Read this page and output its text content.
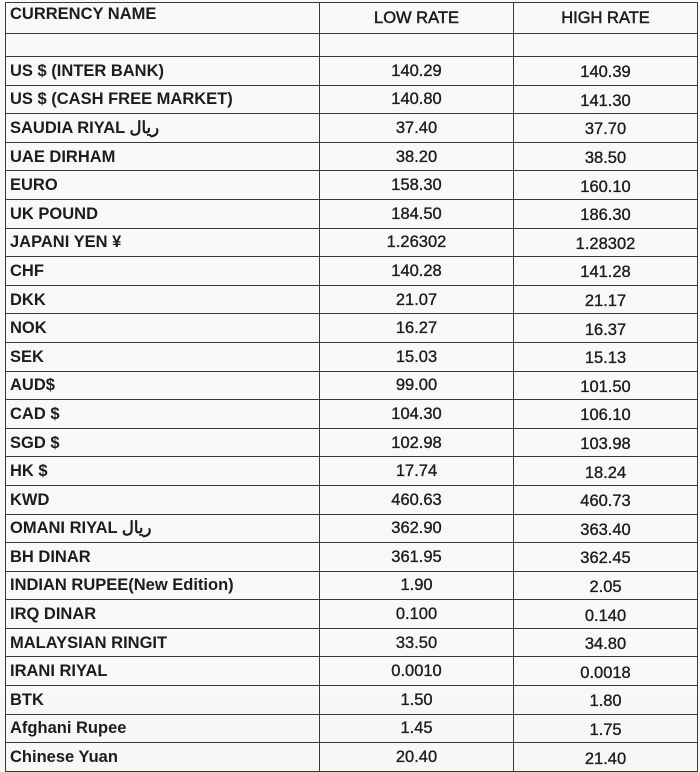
CURRENCY NAME	LOW RATE	HIGH RATE

US $ (INTER BANK)	140.29	140.39
US $ (CASH FREE MARKET)	140.80	141.30
SAUDIA RIYAL ریال	37.40	37.70
UAE DIRHAM	38.20	38.50
EURO	158.30	160.10
UK POUND	184.50	186.30
JAPANI YEN ¥	1.26302	1.28302
CHF	140.28	141.28
DKK	21.07	21.17
NOK	16.27	16.37
SEK	15.03	15.13
AUD$	99.00	101.50
CAD $	104.30	106.10
SGD $	102.98	103.98
HK $	17.74	18.24
KWD	460.63	460.73
OMANI RIYAL ریال	362.90	363.40
BH DINAR	361.95	362.45
INDIAN RUPEE(New Edition)	1.90	2.05
IRQ DINAR	0.100	0.140
MALAYSIAN RINGIT	33.50	34.80
IRANI RIYAL	0.0010	0.0018
BTK	1.50	1.80
Afghani Rupee	1.45	1.75
Chinese Yuan	20.40	21.40
